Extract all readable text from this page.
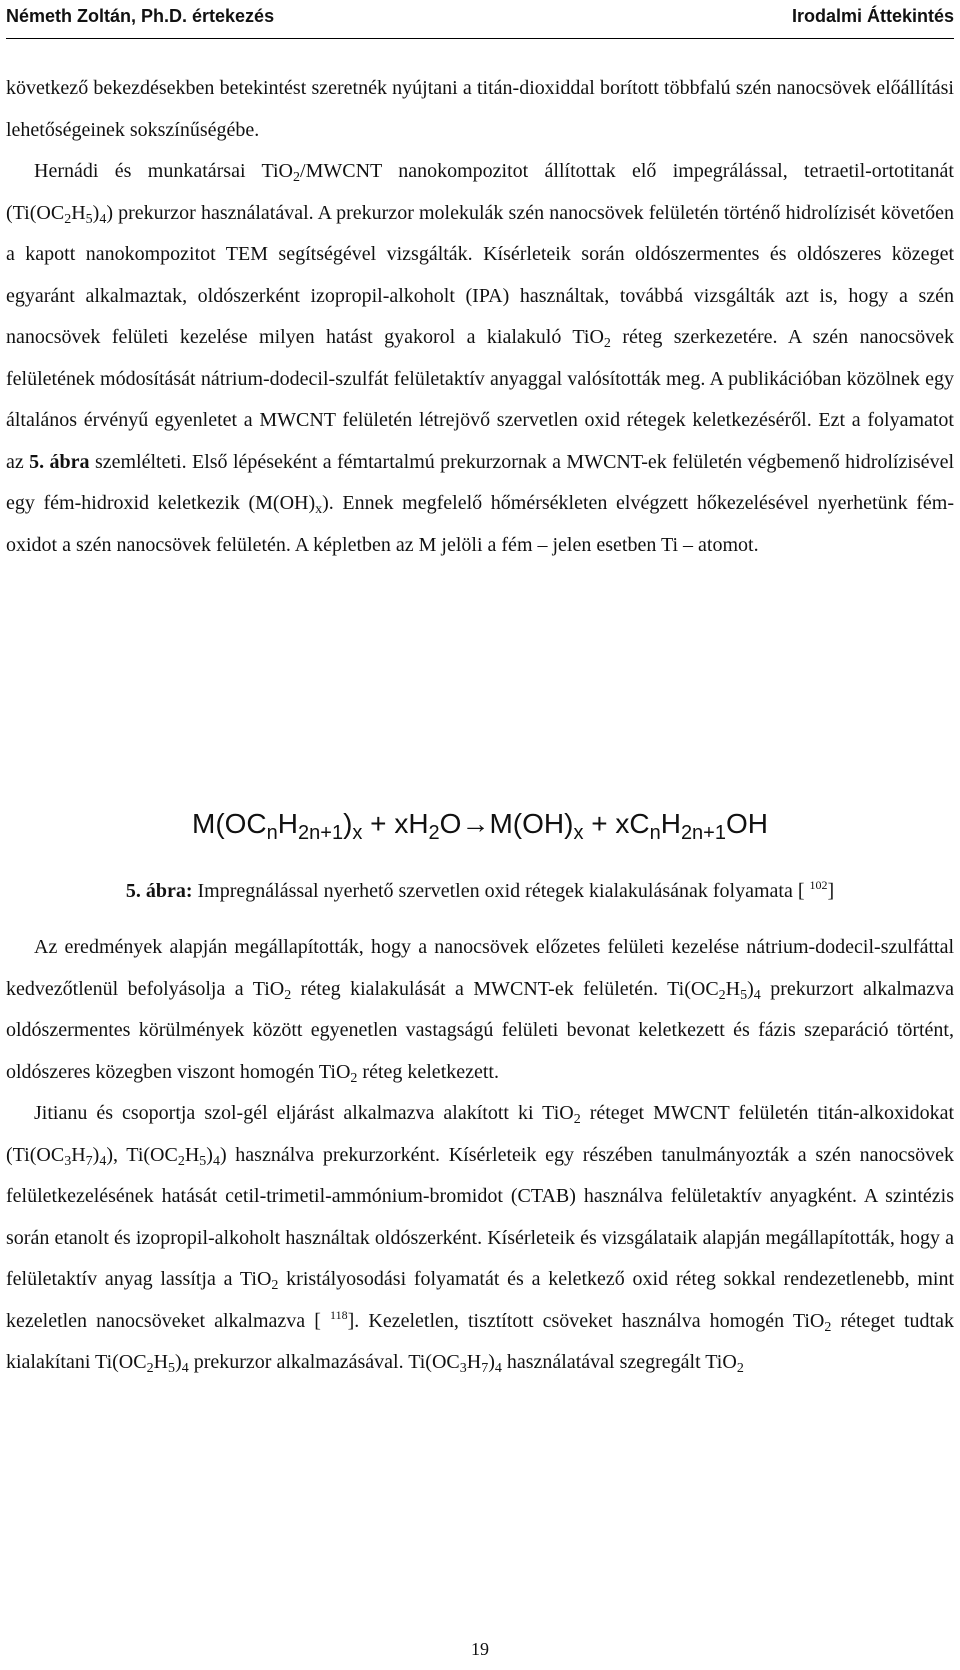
Németh Zoltán, Ph.D. értekezés	Irodalmi Áttekintés

következő bekezdésekben betekintést szeretnék nyújtani a titán-dioxiddal borított többfalú szén nanocsövek előállítási lehetőségeinek sokszínűségébe.

Hernádi és munkatársai TiO$_2$/MWCNT nanokompozitot állítottak elő impegrálással, tetraetil-ortotitanát $(Ti(OC_2H_5)_4)$ prekurzor használatával. A prekurzor molekulák szén nanocsövek felületén történő hidrolízisét követően a kapott nanokompozitot TEM segítségével vizsgálták. Kísérleteik során oldószermentes és oldószeres közeget egyaránt alkalmaztak, oldószerként izopropil-alkoholt (IPA) használtak, továbbá vizsgálták azt is, hogy a szén nanocsövek felületi kezelése milyen hatást gyakorol a kialakuló TiO$_2$ réteg szerkezetére. A szén nanocsövek felületének módosítását nátrium-dodecil-szulfát felületaktív anyaggal valósították meg. A publikációban közölnek egy általános érvényű egyenletet a MWCNT felületén létrejövő szervetlen oxid rétegek keletkezéséről. Ezt a folyamatot az 5. ábra szemlélteti. Első lépéseként a fémtartalmú prekurzornak a MWCNT-ek felületén végbemenő hidrolízisével egy fém-hidroxid keletkezik $(M(OH)_x)$. Ennek megfelelő hőmérsékleten elvégzett hőkezelésével nyerhetünk fém-oxidot a szén nanocsövek felületén. A képletben az M jelöli a fém – jelen esetben Ti – atomot.

$M(OC_nH_{2n+1})_x + xH_2O\to M(OH)_x + xC_nH_{2n+1}OH$
5. ábra: Impregnálással nyerhető szervetlen oxid rétegek kialakulásának folyamata [ $^{102}$]

Az eredmények alapján megállapították, hogy a nanocsövek előzetes felületi kezelése nátrium-dodecil-szulfáttal kedvezőtlenül befolyásolja a TiO$_2$ réteg kialakulását a MWCNT-ek felületén. $Ti(OC_2H_5)_4$ prekurzort alkalmazva oldószermentes körülmények között egyenetlen vastagságú felületi bevonat keletkezett és fázis szeparáció történt, oldószeres közegben viszont homogén TiO$_2$ réteg keletkezett.

Jitianu és csoportja szol-gél eljárást alkalmazva alakított ki TiO$_2$ réteget MWCNT felületén titán-alkoxidokat $(Ti(OC_3H_7)_4)$, $Ti(OC_2H_5)_4$) használva prekurzorként. Kísérleteik egy részében tanulmányozták a szén nanocsövek felületkezelésének hatását cetil-trimetil-ammónium-bromidot (CTAB) használva felületaktív anyagként. A szintézis során etanolt és izopropil-alkoholt használtak oldószerként. Kísérleteik és vizsgálataik alapján megállapították, hogy a felületaktív anyag lassítja a TiO$_2$ kristályosodási folyamatát és a keletkező oxid réteg sokkal rendezetlenebb, mint kezeletlen nanocsöveket alkalmazva [ $^{118}$]. Kezeletlen, tisztított csöveket használva homogén TiO$_2$ réteget tudtak kialakítani $Ti(OC_2H_5)_4$ prekurzor alkalmazásával. $Ti(OC_3H_7)_4$ használatával szegregált TiO$_2$

19
